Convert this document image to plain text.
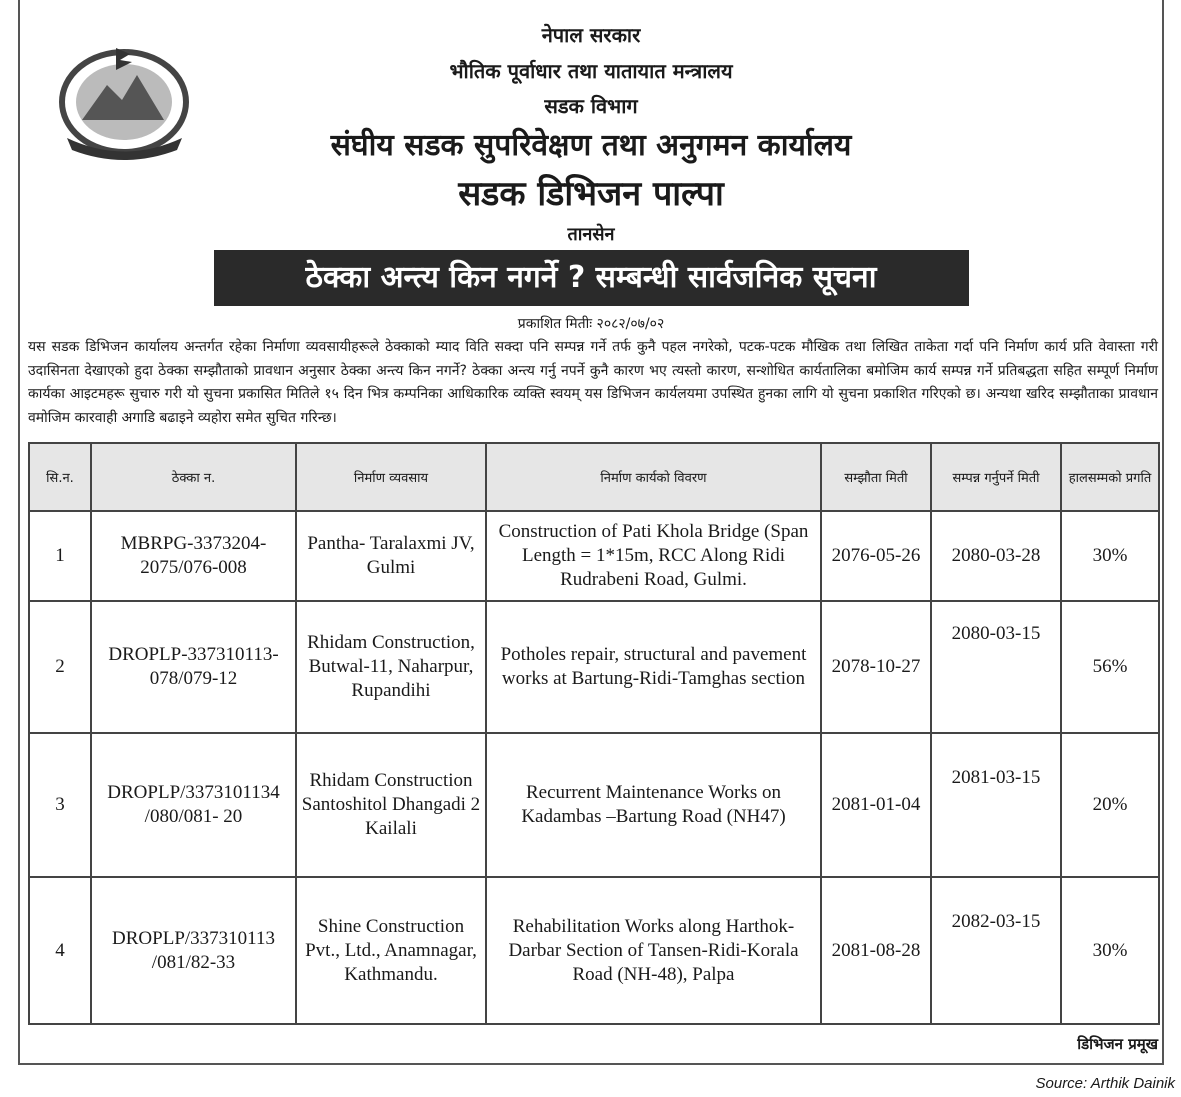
नेपाल सरकार
भौतिक पूर्वाधार तथा यातायात मन्त्रालय
सडक विभाग
संघीय सडक सुपरिवेक्षण तथा अनुगमन कार्यालय
सडक डिभिजन पाल्पा
तानसेन
ठेक्का अन्त्य किन नगर्ने ? सम्बन्धी सार्वजनिक सूचना
प्रकाशित मितीः २०८२/०७/०२
यस सडक डिभिजन कार्यालय अन्तर्गत रहेका निर्माणा व्यवसायीहरूले ठेक्काको म्याद विति सक्दा पनि सम्पन्न गर्ने तर्फ कुनै पहल नगरेको, पटक-पटक मौखिक तथा लिखित ताकेता गर्दा पनि निर्माण कार्य प्रति वेवास्ता गरी उदासिनता देखाएको हुदा ठेक्का सम्झौताको प्रावधान अनुसार ठेक्का अन्त्य किन नगर्ने? ठेक्का अन्त्य गर्नु नपर्ने कुनै कारण भए त्यस्तो कारण, सन्शोधित कार्यतालिका बमोजिम कार्य सम्पन्न गर्ने प्रतिबद्धता सहित सम्पूर्ण निर्माण कार्यका आइटमहरू सुचारु गरी यो सुचना प्रकासित मितिले १५ दिन भित्र कम्पनिका आधिकारिक व्यक्ति स्वयम् यस डिभिजन कार्यलयमा उपस्थित हुनका लागि यो सुचना प्रकाशित गरिएको छ। अन्यथा खरिद सम्झौताका प्रावधान वमोजिम कारवाही अगाडि बढाइने व्यहोरा समेत सुचित गरिन्छ।
सि.न.	ठेक्का न.	निर्माण व्यवसाय	निर्माण कार्यको विवरण	सम्झौता मिती	सम्पन्न गर्नुपर्ने मिती	हालसम्मको प्रगति
1	MBRPG-3373204-2075/076-008	Pantha- Taralaxmi JV, Gulmi	Construction of Pati Khola Bridge (Span Length = 1*15m, RCC Along Ridi Rudrabeni Road, Gulmi.	2076-05-26	2080-03-28	30%
2	DROPLP-337310113-078/079-12	Rhidam Construction, Butwal-11, Naharpur, Rupandihi	Potholes repair, structural and pavement works at Bartung-Ridi-Tamghas section	2078-10-27	2080-03-15	56%
3	DROPLP/3373101134 /080/081- 20	Rhidam Construction Santoshitol Dhangadi 2 Kailali	Recurrent Maintenance Works on Kadambas –Bartung Road (NH47)	2081-01-04	2081-03-15	20%
4	DROPLP/337310113 /081/82-33	Shine Construction Pvt., Ltd., Anamnagar, Kathmandu.	Rehabilitation Works along Harthok-Darbar Section of Tansen-Ridi-Korala Road (NH-48), Palpa	2081-08-28	2082-03-15	30%
डिभिजन प्रमूख
Source: Arthik Dainik
